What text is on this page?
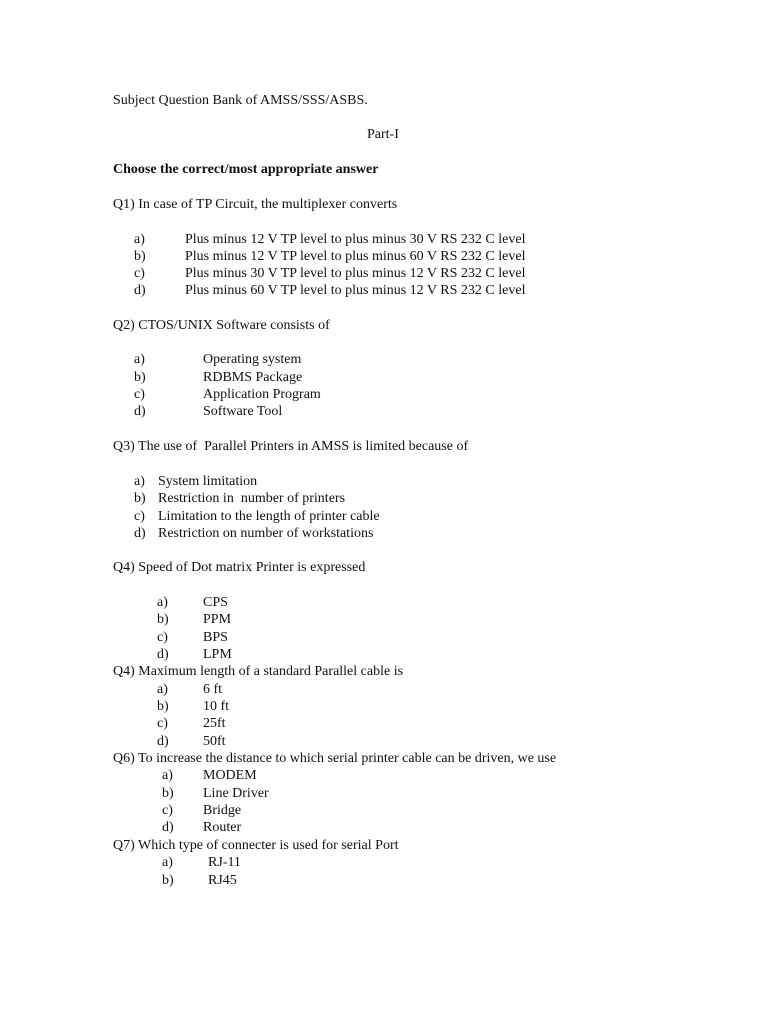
Subject Question Bank of AMSS/SSS/ASBS.
Part-I
Choose the correct/most appropriate answer
Q1) In case of TP Circuit, the multiplexer converts
a)	Plus minus 12 V TP level to plus minus 30 V RS 232 C level
b)	Plus minus 12 V TP level to plus minus 60 V RS 232 C level
c)	Plus minus 30 V TP level to plus minus 12 V RS 232 C level
d)	Plus minus 60 V TP level to plus minus 12 V RS 232 C level
Q2) CTOS/UNIX Software consists of
a)	Operating system
b)	RDBMS Package
c)	Application Program
d)	Software Tool
Q3) The use of  Parallel Printers in AMSS is limited because of
a) System limitation
b) Restriction in  number of printers
c) Limitation to the length of printer cable
d) Restriction on number of workstations
Q4) Speed of Dot matrix Printer is expressed
a)	CPS
b) PPM
c)	BPS
d) LPM
Q4) Maximum length of a standard Parallel cable is
a)	6 ft
b) 10 ft
c)	25ft
d) 50ft
Q6) To increase the distance to which serial printer cable can be driven, we use
a) MODEM
b) Line Driver
c) Bridge
d) Router
Q7) Which type of connecter is used for serial Port
a)	RJ-11
b) RJ45
